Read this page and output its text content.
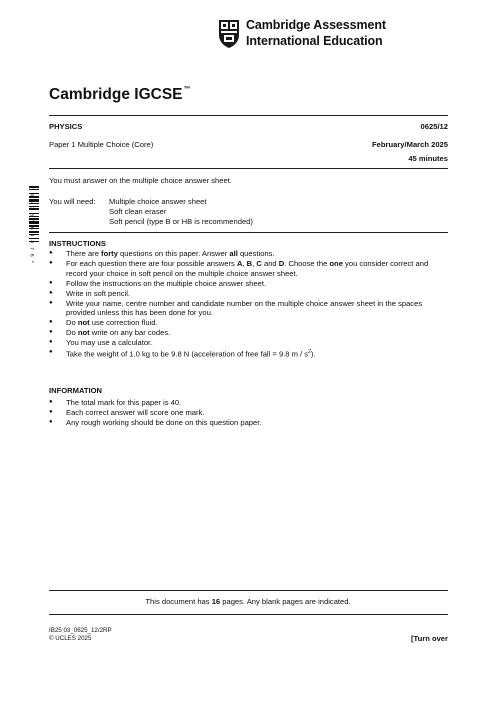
Cambridge Assessment
International Education
Cambridge IGCSE™
PHYSICS	0625/12
Paper 1 Multiple Choice (Core)	February/March 2025
45 minutes
You must answer on the multiple choice answer sheet.
You will need: Multiple choice answer sheet
Soft clean eraser
Soft pencil (type B or HB is recommended)
* 4 5 7 3 5 6 4 8 7 6 * INSTRUCTIONS
● There are forty questions on this paper. Answer all questions.
● For each question there are four possible answers A, B, C and D. Choose the one you consider correct and record your choice in soft pencil on the multiple choice answer sheet.
● Follow the instructions on the multiple choice answer sheet.
● Write in soft pencil.
● Write your name, centre number and candidate number on the multiple choice answer sheet in the spaces provided unless this has been done for you.
● Do not use correction fluid.
● Do not write on any bar codes.
● You may use a calculator.
● Take the weight of 1.0 kg to be 9.8 N (acceleration of free fall = 9.8 m / $s^2$).
INFORMATION
● The total mark for this paper is 40.
● Each correct answer will score one mark.
● Any rough working should be done on this question paper.
This document has 16 pages. Any blank pages are indicated.
IB25 03_0625_12/2RP
© UCLES 2025	[Turn over
